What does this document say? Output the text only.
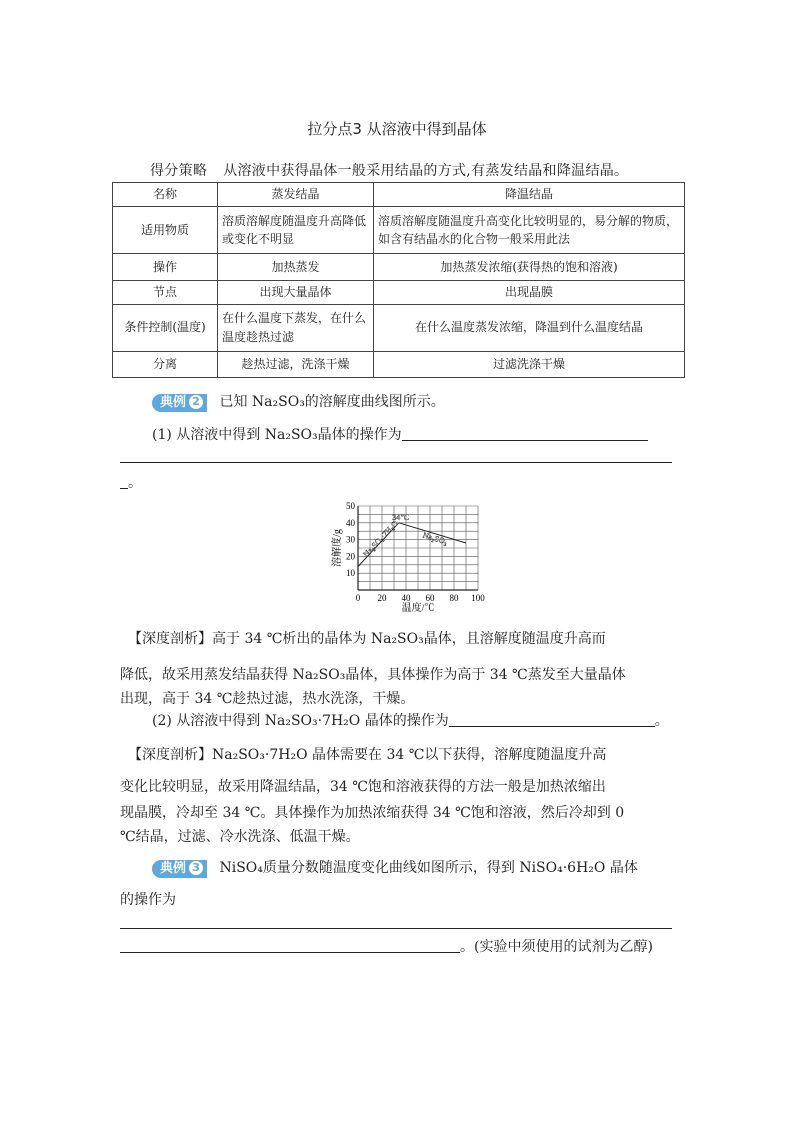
拉分点3 从溶液中得到晶体
得分策略 从溶液中获得晶体一般采用结晶的方式,有蒸发结晶和降温结晶。
名称	蒸发结晶	降温结晶
适用物质	溶质溶解度随温度升高降低或变化不明显	溶质溶解度随温度升高变化比较明显的，易分解的物质，如含有结晶水的化合物一般采用此法
操作	加热蒸发	加热蒸发浓缩(获得热的饱和溶液)
节点	出现大量晶体	出现晶膜
条件控制(温度)	在什么温度下蒸发，在什么温度趁热过滤	在什么温度蒸发浓缩，降温到什么温度结晶
分离	趁热过滤，洗涤干燥	过滤洗涤干燥
典例 2 已知 Na₂SO₃的溶解度曲线图所示。
(1) 从溶液中得到 Na₂SO₃晶体的操作为
。
0 20 40 60 80 100
10
20
30
40
50
温度/℃
溶解度/g Na₂SO₃·7H₂O	Na₂SO₃
34℃
【深度剖析】高于 34 ℃析出的晶体为 Na₂SO₃晶体，且溶解度随温度升高而
降低，故采用蒸发结晶获得 Na₂SO₃晶体，具体操作为高于 34 ℃蒸发至大量晶体
出现，高于 34 ℃趁热过滤，热水洗涤，干燥。
(2) 从溶液中得到 Na₂SO₃·7H₂O 晶体的操作为	。
【深度剖析】Na₂SO₃·7H₂O 晶体需要在 34 ℃以下获得，溶解度随温度升高
变化比较明显，故采用降温结晶，34 ℃饱和溶液获得的方法一般是加热浓缩出
现晶膜，冷却至 34 ℃。具体操作为加热浓缩获得 34 ℃饱和溶液，然后冷却到 0
℃结晶，过滤、冷水洗涤、低温干燥。
典例 3 NiSO₄质量分数随温度变化曲线如图所示，得到 NiSO₄·6H₂O 晶体
的操作为
。(实验中须使用的试剂为乙醇)
